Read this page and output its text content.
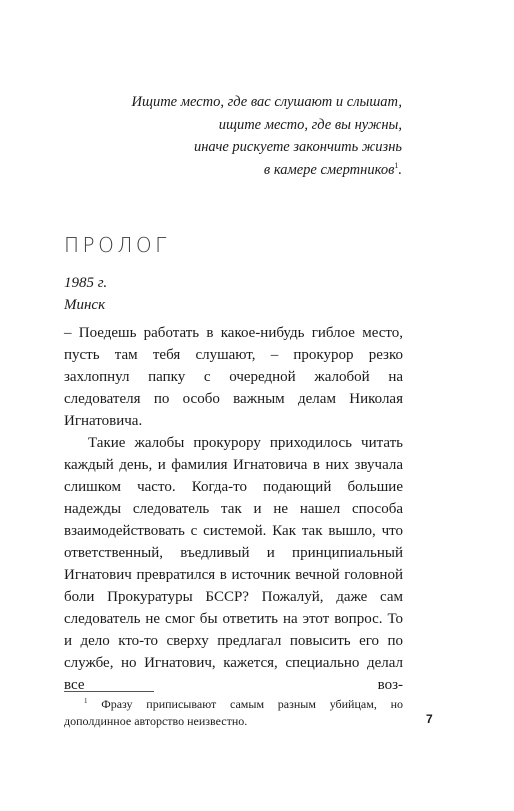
Ищите место, где вас слушают и слышат,
ищите место, где вы нужны,
иначе рискуете закончить жизнь
в камере смертников$^1$.
ПРОЛОГ
1985 г.
Минск
– Поедешь работать в какое-нибудь гиблое место, пусть там тебя слушают, – прокурор резко захлопнул папку с очередной жалобой на следователя по особо важным делам Николая Игнатовича.
Такие жалобы прокурору приходилось читать каждый день, и фамилия Игнатовича в них звучала слишком часто. Когда-то подающий большие надежды следователь так и не нашел способа взаимодействовать с системой. Как так вышло, что ответственный, въедливый и принципиальный Игнатович превратился в источник вечной головной боли Прокуратуры БССР? Пожалуй, даже сам следователь не смог бы ответить на этот вопрос. То и дело кто-то сверху предлагал повысить его по службе, но Игнатович, кажется, специально делал все воз-
$^1$ Фразу приписывают самым разным убийцам, но дополдинное авторство неизвестно.	7
